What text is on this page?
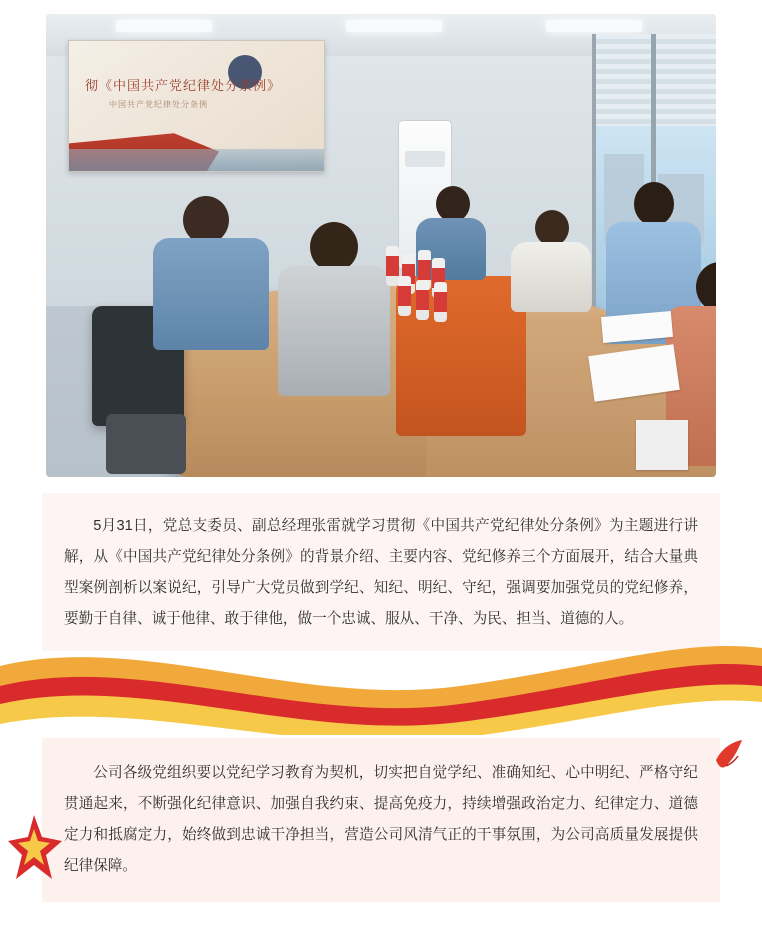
彻《中国共产党纪律处分条例》
中国共产党纪律处分条例

5月31日，党总支委员、副总经理张雷就学习贯彻《中国共产党纪律处分条例》为主题进行讲解，从《中国共产党纪律处分条例》的背景介绍、主要内容、党纪修养三个方面展开，结合大量典型案例剖析以案说纪，引导广大党员做到学纪、知纪、明纪、守纪，强调要加强党员的党纪修养，要勤于自律、诚于他律、敢于律他，做一个忠诚、服从、干净、为民、担当、道德的人。

公司各级党组织要以党纪学习教育为契机，切实把自觉学纪、准确知纪、心中明纪、严格守纪贯通起来，不断强化纪律意识、加强自我约束、提高免疫力，持续增强政治定力、纪律定力、道德定力和抵腐定力，始终做到忠诚干净担当，营造公司风清气正的干事氛围，为公司高质量发展提供纪律保障。
